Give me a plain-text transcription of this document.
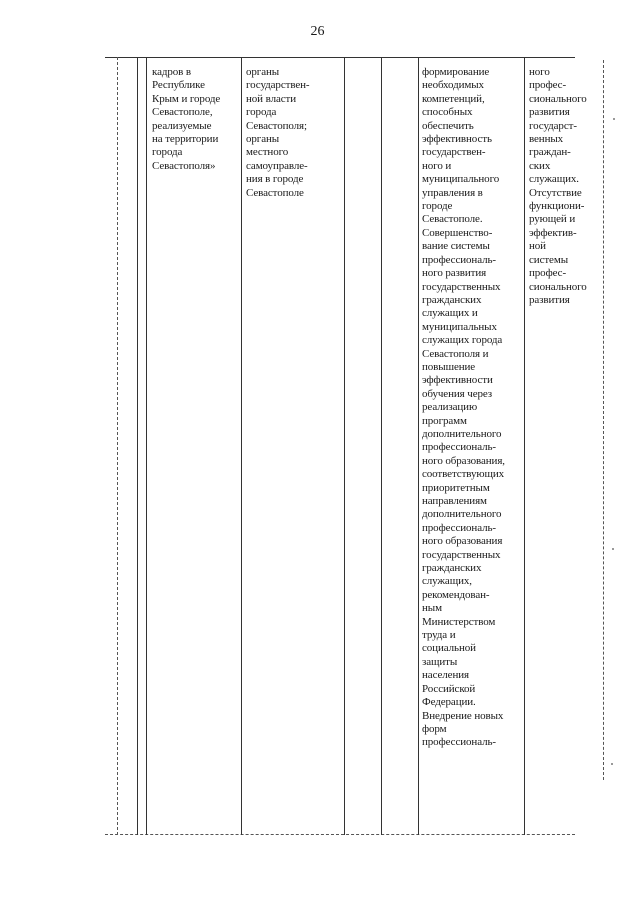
26
кадров в
Республике
Крым и городе
Севастополе,
реализуемые
на территории
города
Севастополя»
органы
государствен-
ной власти
города
Севастополя;
органы
местного
самоуправле-
ния в городе
Севастополе
формирование
необходимых
компетенций,
способных
обеспечить
эффективность
государствен-
ного и
муниципального
управления в
городе
Севастополе.
Совершенство-
вание системы
профессиональ-
ного развития
государственных
гражданских
служащих и
муниципальных
служащих города
Севастополя и
повышение
эффективности
обучения через
реализацию
программ
дополнительного
профессиональ-
ного образования,
соответствующих
приоритетным
направлениям
дополнительного
профессиональ-
ного образования
государственных
гражданских
служащих,
рекомендован-
ным
Министерством
труда и
социальной
защиты
населения
Российской
Федерации.
Внедрение новых
форм
профессиональ-
ного
профес-
сионального
развития
государст-
венных
граждан-
ских
служащих.
Отсутствие
функциони-
рующей и
эффектив-
ной
системы
профес-
сионального
развития
